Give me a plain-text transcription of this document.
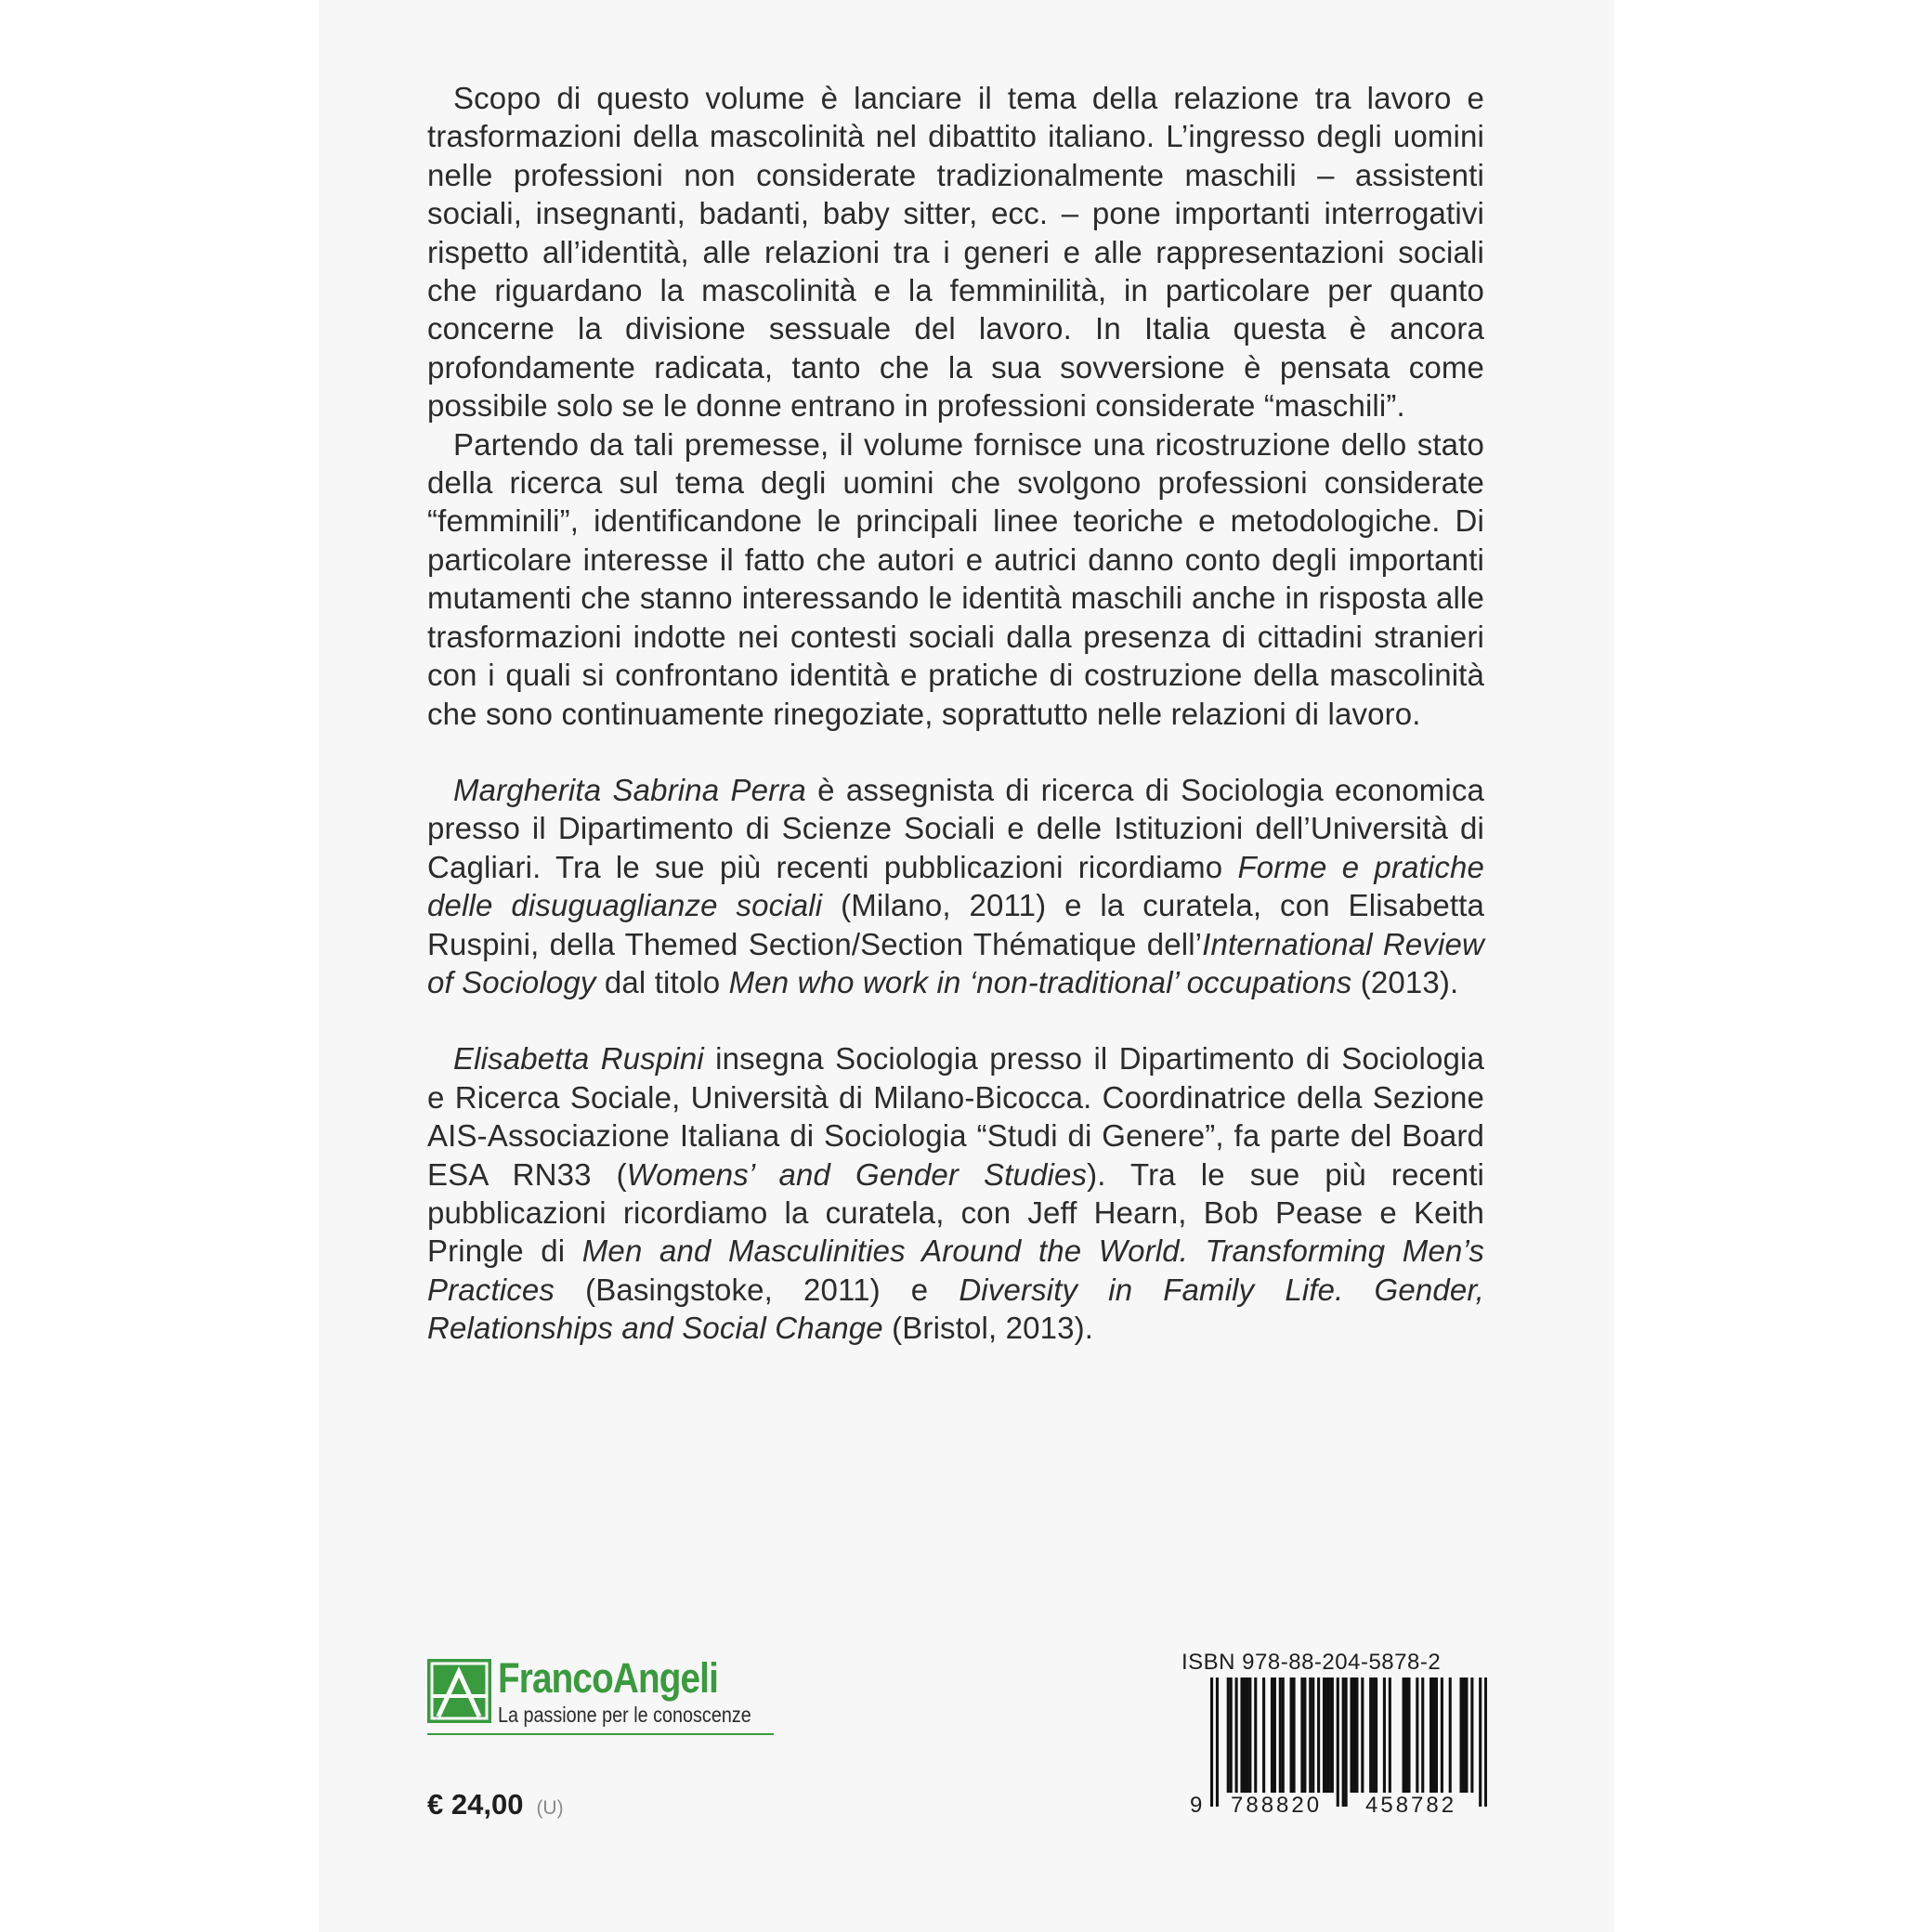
Scopo di questo volume è lanciare il tema della relazione tra lavoro e trasformazioni della mascolinità nel dibattito italiano. L’ingresso degli uomini nelle professioni non considerate tradizionalmente maschili – assistenti sociali, insegnanti, badanti, baby sitter, ecc. – pone importanti interrogativi rispetto all’identità, alle relazioni tra i generi e alle rappresentazioni sociali che riguardano la mascolinità e la femminilità, in particolare per quanto concerne la divisione sessuale del lavoro. In Italia questa è ancora profondamente radicata, tanto che la sua sovversione è pensata come possibile solo se le donne entrano in professioni considerate “maschili”.

Partendo da tali premesse, il volume fornisce una ricostruzione dello stato della ricerca sul tema degli uomini che svolgono professioni considerate “femminili”, identificandone le principali linee teoriche e metodologiche. Di particolare interesse il fatto che autori e autrici danno conto degli importanti mutamenti che stanno interessando le identità maschili anche in risposta alle trasformazioni indotte nei contesti sociali dalla presenza di cittadini stranieri con i quali si confrontano identità e pratiche di costruzione della mascolinità che sono continuamente rinegoziate, soprattutto nelle relazioni di lavoro.

Margherita Sabrina Perra è assegnista di ricerca di Sociologia economica presso il Dipartimento di Scienze Sociali e delle Istituzioni dell’Università di Cagliari. Tra le sue più recenti pubblicazioni ricordiamo Forme e pratiche delle disuguaglianze sociali (Milano, 2011) e la curatela, con Elisabetta Ruspini, della Themed Section/Section Thématique dell’International Review of Sociology dal titolo Men who work in ‘non-traditional’ occupations (2013).

Elisabetta Ruspini insegna Sociologia presso il Dipartimento di Sociologia e Ricerca Sociale, Università di Milano-Bicocca. Coordinatrice della Sezione AIS-Associazione Italiana di Sociologia “Studi di Genere”, fa parte del Board ESA RN33 (Womens’ and Gender Studies). Tra le sue più recenti pubblicazioni ricordiamo la curatela, con Jeff Hearn, Bob Pease e Keith Pringle di Men and Masculinities Around the World. Transforming Men’s Practices (Basingstoke, 2011) e Diversity in Family Life. Gender, Relationships and Social Change (Bristol, 2013).

FrancoAngeli
La passione per le conoscenze
€ 24,00 (U)
ISBN 978-88-204-5878-2
9 788820	458782
